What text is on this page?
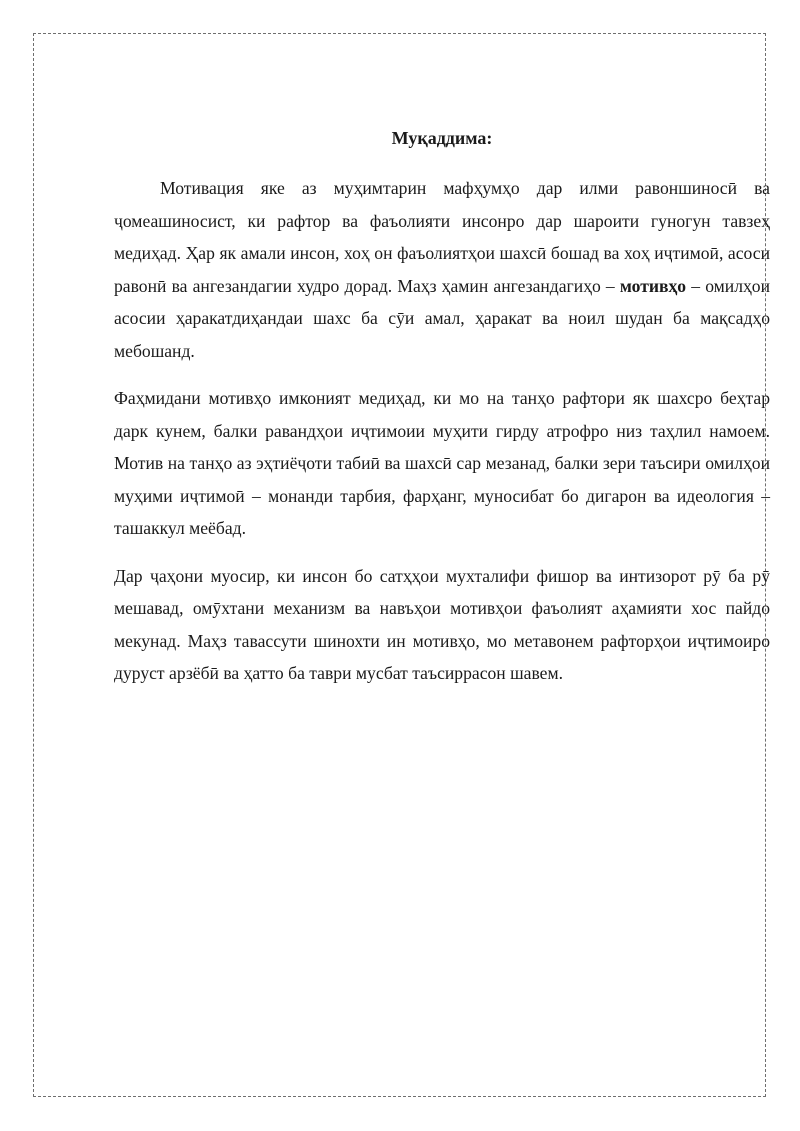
Муқаддима:

Мотивация яке аз муҳимтарин мафҳумҳо дар илми равоншиносӣ ва ҷомеашиносист, ки рафтор ва фаъолияти инсонро дар шароити гуногун тавзеҳ медиҳад. Ҳар як амали инсон, хоҳ он фаъолиятҳои шахсӣ бошад ва хоҳ иҷтимоӣ, асоси равонӣ ва ангезандагии худро дорад. Маҳз ҳамин ангезандагиҳо – мотивҳо – омилҳои асосии ҳаракатдиҳандаи шахс ба сӯи амал, ҳаракат ва ноил шудан ба мақсадҳо мебошанд.

Фаҳмидани мотивҳо имконият медиҳад, ки мо на танҳо рафтори як шахсро беҳтар дарк кунем, балки равандҳои иҷтимоии муҳити гирду атрофро низ таҳлил намоем. Мотив на танҳо аз эҳтиёҷоти табиӣ ва шахсӣ сар мезанад, балки зери таъсири омилҳои муҳими иҷтимоӣ – монанди тарбия, фарҳанг, муносибат бо дигарон ва идеология – ташаккул меёбад.

Дар ҷаҳони муосир, ки инсон бо сатҳҳои мухталифи фишор ва интизорот рӯ ба рӯ мешавад, омӯхтани механизм ва навъҳои мотивҳои фаъолият аҳамияти хос пайдо мекунад. Маҳз тавассути шинохти ин мотивҳо, мо метавонем рафторҳои иҷтимоиро дуруст арзёбӣ ва ҳатто ба таври мусбат таъсиррасон шавем.
